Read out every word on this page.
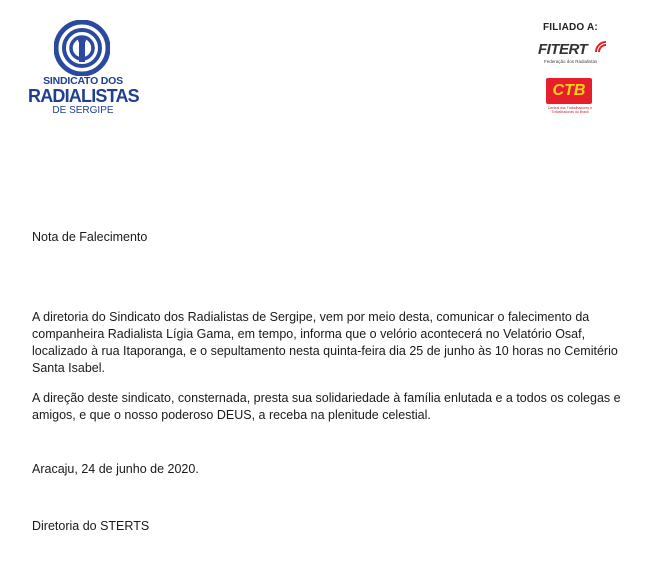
SINDICATO DOS
RADIALISTAS
DE SERGIPE
FILIADO A:
FITERT
Federação dos Radialistas
CTB
Central dos Trabalhadores e Trabalhadoras do Brasil

Nota de Falecimento

A diretoria do Sindicato dos Radialistas de Sergipe, vem por meio desta, comunicar o falecimento da companheira Radialista Lígia Gama, em tempo, informa que o velório acontecerá no Velatório Osaf, localizado à rua Itaporanga, e o sepultamento nesta quinta-feira dia 25 de junho às 10 horas no Cemitério Santa Isabel.

A direção deste sindicato, consternada, presta sua solidariedade à família enlutada e a todos os colegas e amigos, e que o nosso poderoso DEUS, a receba na plenitude celestial.

Aracaju, 24 de junho de 2020.

Diretoria do STERTS
